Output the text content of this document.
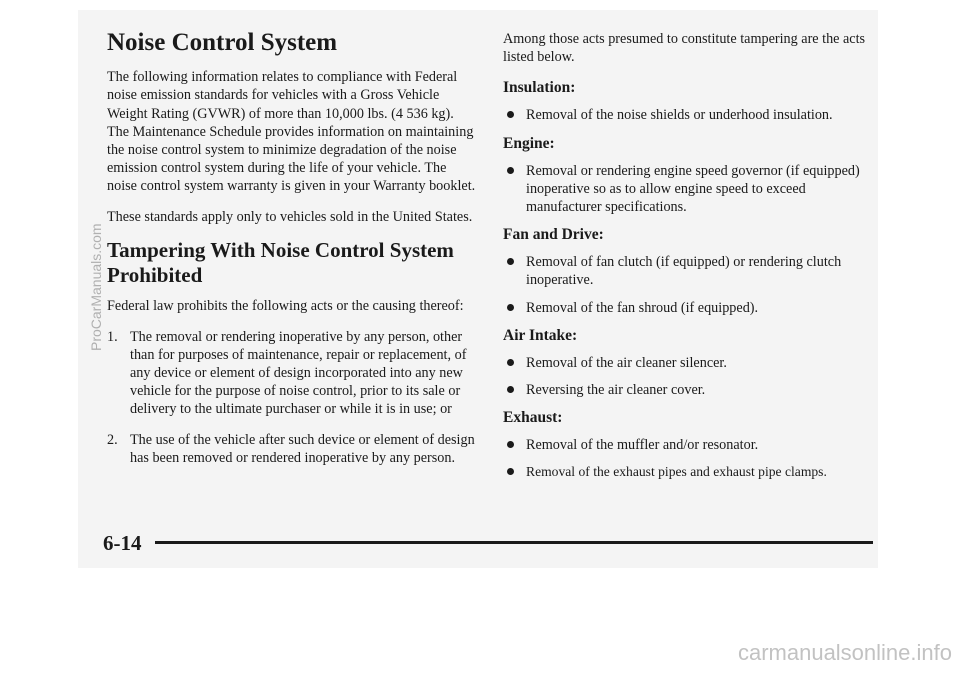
Noise Control System

The following information relates to compliance with Federal noise emission standards for vehicles with a Gross Vehicle Weight Rating (GVWR) of more than 10,000 lbs. (4 536 kg). The Maintenance Schedule provides information on maintaining the noise control system to minimize degradation of the noise emission control system during the life of your vehicle. The noise control system warranty is given in your Warranty booklet.

These standards apply only to vehicles sold in the United States.

Tampering With Noise Control System Prohibited

Federal law prohibits the following acts or the causing thereof:

1. The removal or rendering inoperative by any person, other than for purposes of maintenance, repair or replacement, of any device or element of design incorporated into any new vehicle for the purpose of noise control, prior to its sale or delivery to the ultimate purchaser or while it is in use; or
2. The use of the vehicle after such device or element of design has been removed or rendered inoperative by any person.

Among those acts presumed to constitute tampering are the acts listed below.

Insulation:
Removal of the noise shields or underhood insulation.
Engine:
Removal or rendering engine speed governor (if equipped) inoperative so as to allow engine speed to exceed manufacturer specifications.
Fan and Drive:
Removal of fan clutch (if equipped) or rendering clutch inoperative.
Removal of the fan shroud (if equipped).
Air Intake:
Removal of the air cleaner silencer.
Reversing the air cleaner cover.
Exhaust:
Removal of the muffler and/or resonator.
Removal of the exhaust pipes and exhaust pipe clamps.
6-14
ProCarManuals.com
carmanualsonline.info
